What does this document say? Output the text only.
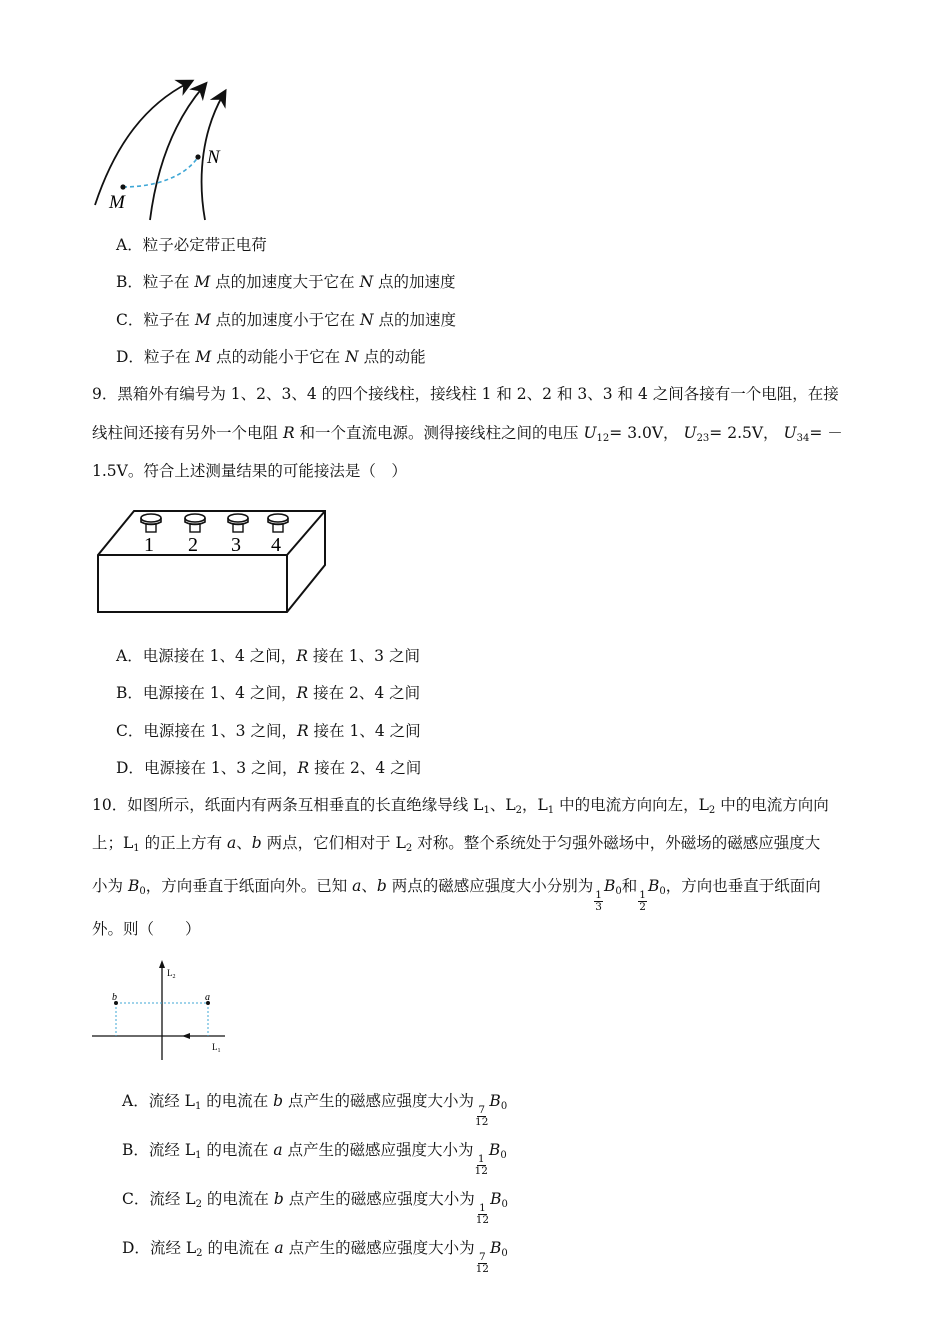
M
N
A．粒子必定带正电荷
B．粒子在 M 点的加速度大于它在 N 点的加速度
C．粒子在 M 点的加速度小于它在 N 点的加速度
D．粒子在 M 点的动能小于它在 N 点的动能
9．黑箱外有编号为 1、2、3、4 的四个接线柱，接线柱 1 和 2、2 和 3、3 和 4 之间各接有一个电阻，在接
线柱间还接有另外一个电阻 R 和一个直流电源。测得接线柱之间的电压 $U_{12}= 3.0V$， $U_{23}= 2.5V$， $U_{34}=$ －
1.5V。符合上述测量结果的可能接法是（　）
1 2 3 4
A．电源接在 1、4 之间，R 接在 1、3 之间
B．电源接在 1、4 之间，R 接在 2、4 之间
C．电源接在 1、3 之间，R 接在 1、4 之间
D．电源接在 1、3 之间，R 接在 2、4 之间
10．如图所示，纸面内有两条互相垂直的长直绝缘导线 $L_1$、$L_2$，$L_1$ 中的电流方向向左，$L_2$ 中的电流方向向
上；$L_1$ 的正上方有 a、b 两点，它们相对于 $L_2$ 对称。整个系统处于匀强外磁场中，外磁场的磁感应强度大
小为 $B_0$，方向垂直于纸面向外。已知 a、b 两点的磁感应强度大小分别为
$\frac{1}{3}$
$B_0$和
$\frac{1}{2}$
$B_0$，方向也垂直于纸面向
外。则（　　）
b	a
$L_2$
$L_1$
A．流经 $L_1$ 的电流在 b 点产生的磁感应强度大小为
$\frac{7}{12}$
$B_0$
B．流经 $L_1$ 的电流在 a 点产生的磁感应强度大小为
$\frac{1}{12}$
$B_0$
C．流经 $L_2$ 的电流在 b 点产生的磁感应强度大小为
$\frac{1}{12}$
$B_0$
D．流经 $L_2$ 的电流在 a 点产生的磁感应强度大小为
$\frac{7}{12}$
$B_0$
